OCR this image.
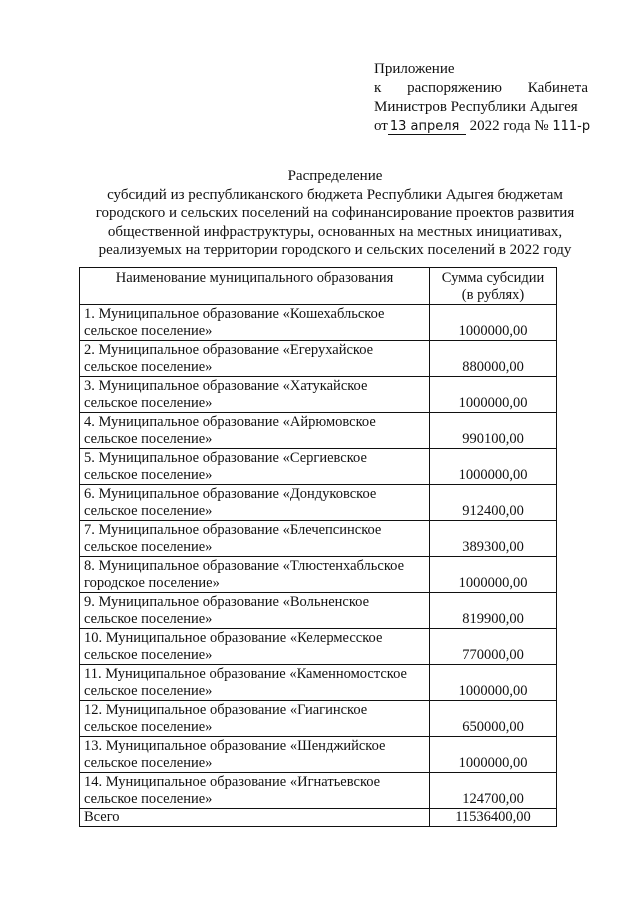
Приложение
к распоряжению Кабинета
Министров Республики Адыгея
от 13 апреля 2022 года № 111-р
Распределение
субсидий из республиканского бюджета Республики Адыгея бюджетам
городского и сельских поселений на софинансирование проектов развития
общественной инфраструктуры, основанных на местных инициативах,
реализуемых на территории городского и сельских поселений в 2022 году
Наименование муниципального образования	Сумма субсидии
(в рублях)

1. Муниципальное образование «Кошехабльское
сельское поселение»	1000000,00

2. Муниципальное образование «Егерухайское
сельское поселение»	880000,00

3. Муниципальное образование «Хатукайское
сельское поселение»	1000000,00

4. Муниципальное образование «Айрюмовское
сельское поселение»	990100,00

5. Муниципальное образование «Сергиевское
сельское поселение»	1000000,00

6. Муниципальное образование «Дондуковское
сельское поселение»	912400,00

7. Муниципальное образование «Блечепсинское
сельское поселение»	389300,00

8. Муниципальное образование «Тлюстенхабльское
городское поселение»	1000000,00

9. Муниципальное образование «Вольненское
сельское поселение»	819900,00

10. Муниципальное образование «Келермесское
сельское поселение»	770000,00

11. Муниципальное образование «Каменномостское
сельское поселение»	1000000,00

12. Муниципальное образование «Гиагинское
сельское поселение»	650000,00

13. Муниципальное образование «Шенджийское
сельское поселение»	1000000,00

14. Муниципальное образование «Игнатьевское
сельское поселение»	124700,00
Всего	11536400,00
